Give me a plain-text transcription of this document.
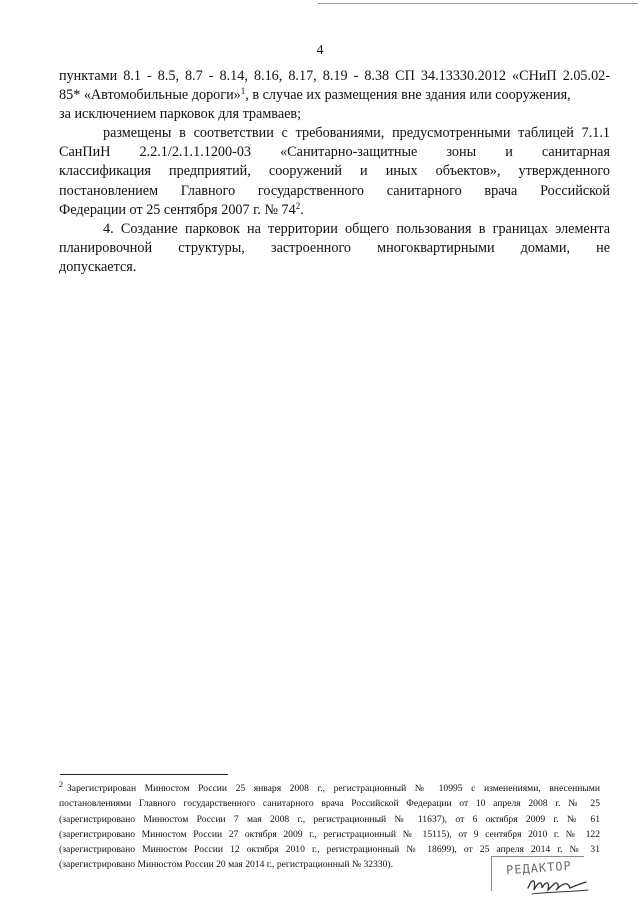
4
пунктами 8.1 - 8.5, 8.7 - 8.14, 8.16, 8.17, 8.19 - 8.38 СП 34.13330.2012 «СНиП 2.05.02-
85* «Автомобильные дороги»$^1$, в случае их размещения вне здания или сооружения,
за исключением парковок для трамваев;
размещены в соответствии с требованиями, предусмотренными таблицей 7.1.1
СанПиН 2.2.1/2.1.1.1200-03 «Санитарно-защитные зоны и санитарная
классификация предприятий, сооружений и иных объектов», утвержденного
постановлением Главного государственного санитарного врача Российской
Федерации от 25 сентября 2007 г. № $74^2$.
4. Создание парковок на территории общего пользования в границах элемента
планировочной структуры, застроенного многоквартирными домами, не
допускается.
$^2$ Зарегистрирован Минюстом России 25 января 2008 г., регистрационный № 10995 с изменениями, внесенными
постановлениями Главного государственного санитарного врача Российской Федерации от 10 апреля 2008 г. № 25
(зарегистрировано Минюстом России 7 мая 2008 г., регистрационный № 11637), от 6 октября 2009 г. № 61
(зарегистрировано Минюстом России 27 октября 2009 г., регистрационный № 15115), от 9 сентября 2010 г. № 122
(зарегистрировано Минюстом России 12 октября 2010 г., регистрационный № 18699), от 25 апреля 2014 г. № 31
(зарегистрировано Минюстом России 20 мая 2014 г., регистрационный № 32330).	РЕДАКТОР
